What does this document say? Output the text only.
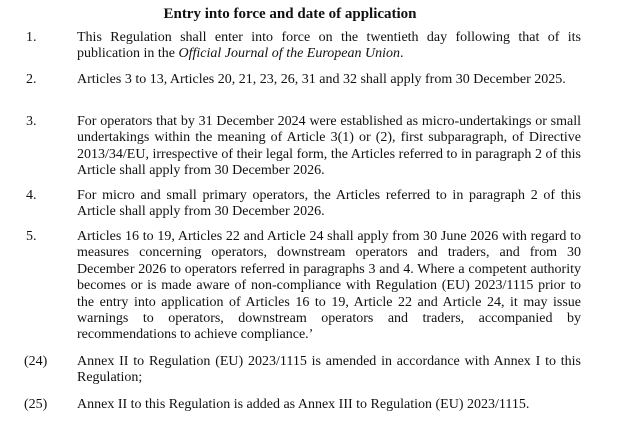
Entry into force and date of application
1.	This Regulation shall enter into force on the twentieth day following that of its publication in the Official Journal of the European Union.
2.	Articles 3 to 13, Articles 20, 21, 23, 26, 31 and 32 shall apply from 30 December 2025.
3.	For operators that by 31 December 2024 were established as micro-undertakings or small undertakings within the meaning of Article 3(1) or (2), first subparagraph, of Directive 2013/34/EU, irrespective of their legal form, the Articles referred to in paragraph 2 of this Article shall apply from 30 December 2026.
4.	For micro and small primary operators, the Articles referred to in paragraph 2 of this Article shall apply from 30 December 2026.
5.	Articles 16 to 19, Articles 22 and Article 24 shall apply from 30 June 2026 with regard to measures concerning operators, downstream operators and traders, and from 30 December 2026 to operators referred in paragraphs 3 and 4. Where a competent authority becomes or is made aware of non-compliance with Regulation (EU) 2023/1115 prior to the entry into application of Articles 16 to 19, Article 22 and Article 24, it may issue warnings to operators, downstream operators and traders, accompanied by recommendations to achieve compliance.’
(24)	Annex II to Regulation (EU) 2023/1115 is amended in accordance with Annex I to this Regulation;
(25)	Annex II to this Regulation is added as Annex III to Regulation (EU) 2023/1115.
